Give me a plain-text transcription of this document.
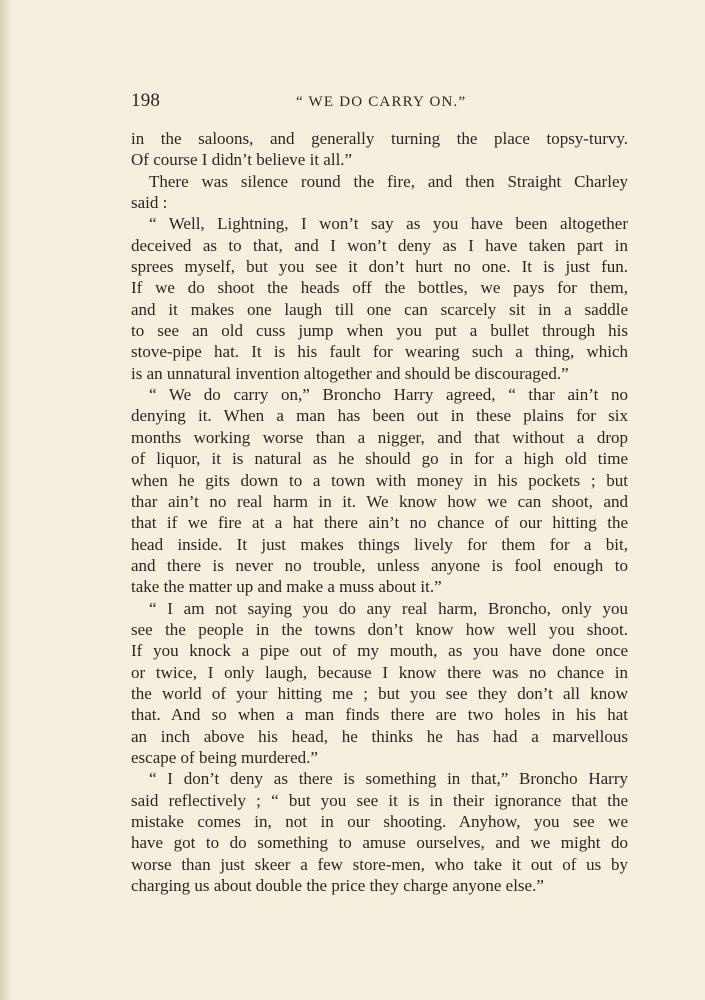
198	“ WE DO CARRY ON.”
in the saloons, and generally turning the place topsy-turvy.
Of course I didn’t believe it all.”
There was silence round the fire, and then Straight Charley
said :
“ Well, Lightning, I won’t say as you have been altogether
deceived as to that, and I won’t deny as I have taken part in
sprees myself, but you see it don’t hurt no one. It is just fun.
If we do shoot the heads off the bottles, we pays for them,
and it makes one laugh till one can scarcely sit in a saddle
to see an old cuss jump when you put a bullet through his
stove-pipe hat. It is his fault for wearing such a thing, which
is an unnatural invention altogether and should be discouraged.”
“ We do carry on,” Broncho Harry agreed, “ thar ain’t no
denying it. When a man has been out in these plains for six
months working worse than a nigger, and that without a drop
of liquor, it is natural as he should go in for a high old time
when he gits down to a town with money in his pockets ; but
thar ain’t no real harm in it. We know how we can shoot, and
that if we fire at a hat there ain’t no chance of our hitting the
head inside. It just makes things lively for them for a bit,
and there is never no trouble, unless anyone is fool enough to
take the matter up and make a muss about it.”
“ I am not saying you do any real harm, Broncho, only you
see the people in the towns don’t know how well you shoot.
If you knock a pipe out of my mouth, as you have done once
or twice, I only laugh, because I know there was no chance in
the world of your hitting me ; but you see they don’t all know
that. And so when a man finds there are two holes in his hat
an inch above his head, he thinks he has had a marvellous
escape of being murdered.”
“ I don’t deny as there is something in that,” Broncho Harry
said reflectively ; “ but you see it is in their ignorance that the
mistake comes in, not in our shooting. Anyhow, you see we
have got to do something to amuse ourselves, and we might do
worse than just skeer a few store-men, who take it out of us by
charging us about double the price they charge anyone else.”
